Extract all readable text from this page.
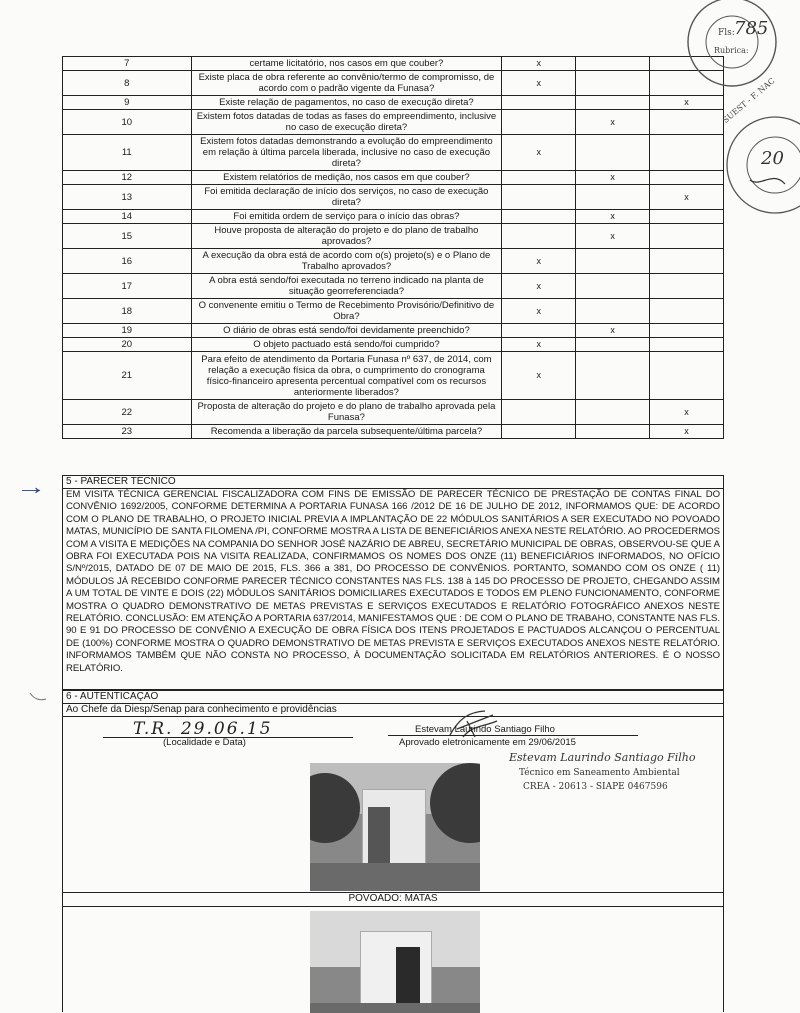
7	certame licitatório, nos casos em que couber?	x		
8	Existe placa de obra referente ao convênio/termo de compromisso, de acordo com o padrão vigente da Funasa?	x		
9	Existe relação de pagamentos, no caso de execução direta?			x
10	Existem fotos datadas de todas as fases do empreendimento, inclusive no caso de execução direta?		x	
11	Existem fotos datadas demonstrando a evolução do empreendimento em relação à última parcela liberada, inclusive no caso de execução direta?	x		
12	Existem relatórios de medição, nos casos em que couber?		x	
13	Foi emitida declaração de início dos serviços, no caso de execução direta?			x
14	Foi emitida ordem de serviço para o início das obras?		x	
15	Houve proposta de alteração do projeto e do plano de trabalho aprovados?		x	
16	A execução da obra está de acordo com o(s) projeto(s) e o Plano de Trabalho aprovados?	x		
17	A obra está sendo/foi executada no terreno indicado na planta de situação georreferenciada?	x		
18	O convenente emitiu o Termo de Recebimento Provisório/Definitivo de Obra?	x		
19	O diário de obras está sendo/foi devidamente preenchido?		x	
20	O objeto pactuado está sendo/foi cumprido?	x		
21	Para efeito de atendimento da Portaria Funasa nº 637, de 2014, com relação a execução física da obra, o cumprimento do cronograma físico-financeiro apresenta percentual compatível com os recursos anteriormente liberados?	x		
22	Proposta de alteração do projeto e do plano de trabalho aprovada pela Funasa?			x
23	Recomenda a liberação da parcela subsequente/última parcela?			x
→	5 - PARECER TÉCNICO
EM VISITA TÉCNICA GERENCIAL FISCALIZADORA COM FINS DE EMISSÃO DE PARECER TÉCNICO DE PRESTAÇÃO DE CONTAS FINAL DO CONVÊNIO 1692/2005, CONFORME DETERMINA A PORTARIA FUNASA 166 /2012 DE 16 DE JULHO DE 2012, INFORMAMOS QUE: DE ACORDO COM O PLANO DE TRABALHO, O PROJETO INICIAL PREVIA A IMPLANTAÇÃO DE 22 MÓDULOS SANITÁRIOS A SER EXECUTADO NO POVOADO MATAS, MUNICÍPIO DE SANTA FILOMENA /PI, CONFORME MOSTRA A LISTA DE BENEFICIÁRIOS ANEXA NESTE RELATÓRIO. AO PROCEDERMOS COM A VISITA E MEDIÇÕES NA COMPANIA DO SENHOR JOSÉ NAZÁRIO DE ABREU, SECRETÁRIO MUNICIPAL DE OBRAS, OBSERVOU-SE QUE A OBRA FOI EXECUTADA POIS NA VISITA REALIZADA, CONFIRMAMOS OS NOMES DOS ONZE (11) BENEFICIÁRIOS INFORMADOS, NO OFÍCIO S/Nº/2015, DATADO DE 07 DE MAIO DE 2015, FLS. 366 a 381, DO PROCESSO DE CONVÊNIOS. PORTANTO, SOMANDO COM OS ONZE ( 11) MÓDULOS JÁ RECEBIDO CONFORME PARECER TÉCNICO CONSTANTES NAS FLS. 138 à 145 DO PROCESSO DE PROJETO, CHEGANDO ASSIM A UM TOTAL DE VINTE E DOIS (22) MÓDULOS SANITÁRIOS DOMICILIARES EXECUTADOS E TODOS EM PLENO FUNCIONAMENTO, CONFORME MOSTRA O QUADRO DEMONSTRATIVO DE METAS PREVISTAS E SERVIÇOS EXECUTADOS E RELATÓRIO FOTOGRÁFICO ANEXOS NESTE RELATÓRIO. CONCLUSÃO: EM ATENÇÃO A PORTARIA 637/2014, MANIFESTAMOS QUE : DE COM O PLANO DE TRABAHO, CONSTANTE NAS FLS. 90 E 91 DO PROCESSO DE CONVÊNIO A EXECUÇÃO DE OBRA FÍSICA DOS ITENS PROJETADOS E PACTUADOS ALCANÇOU O PERCENTUAL DE (100%) CONFORME MOSTRA O QUADRO DEMONSTRATIVO DE METAS PREVISTA E SERVIÇOS EXECUTADOS ANEXOS NESTE RELATÓRIO. INFORMAMOS TAMBÉM QUE NÃO CONSTA NO PROCESSO, À DOCUMENTAÇÃO SOLICITADA EM RELATÓRIOS ANTERIORES. É O NOSSO RELATÓRIO.
6 - AUTENTICAÇÃO
Ao Chefe da Diesp/Senap para conhecimento e providências
T.R. 29.06.15
(Localidade e Data)
Estevam Laurindo Santiago Filho
Aprovado eletronicamente em 29/06/2015
Estevam Laurindo Santiago Filho
Técnico em Saneamento Ambiental
CREA - 20613 - SIAPE 0467596
POVOADO: MATAS
Fls: 785
Rubrica:
SUEST - F. NAC
20
